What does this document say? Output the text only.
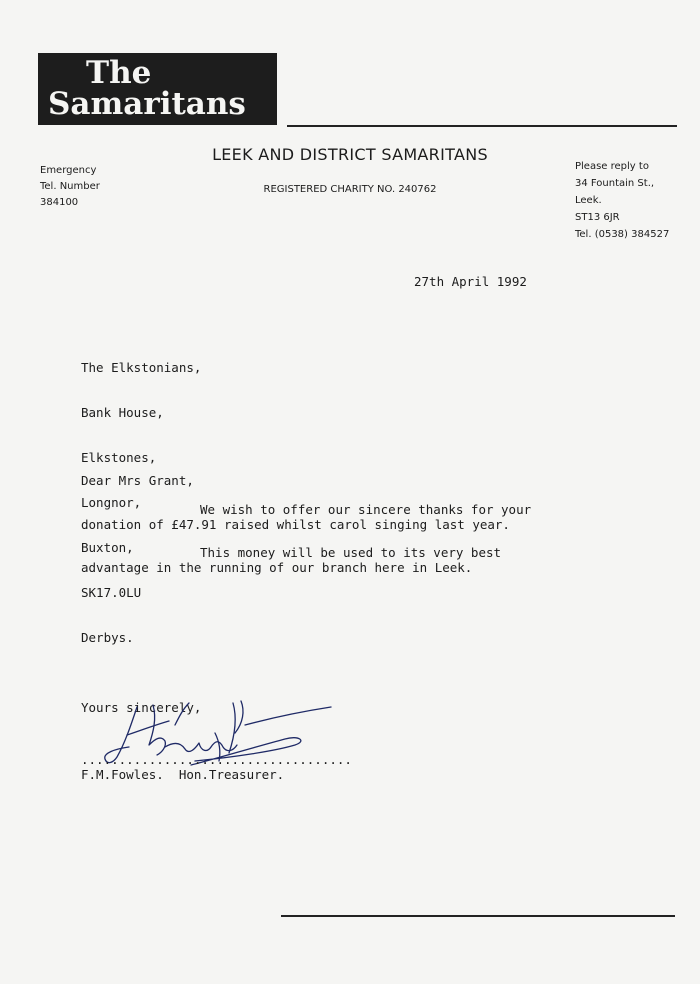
The
Samaritans
LEEK AND DISTRICT SAMARITANS
REGISTERED CHARITY NO. 240762
Emergency
Tel. Number
384100
Please reply to
34 Fountain St.,
Leek.
ST13 6JR
Tel. (0538) 384527
27th April 1992

The Elkstonians,

Bank House,

Elkstones,

Longnor,

Buxton,

SK17.0LU

Derbys.

Dear Mrs Grant,
We wish to offer our sincere thanks for your
donation of £47.91 raised whilst carol singing last year.
This money will be used to its very best
advantage in the running of our branch here in Leek.
Yours sincerely,
....................................
F.M.Fowles.  Hon.Treasurer.
